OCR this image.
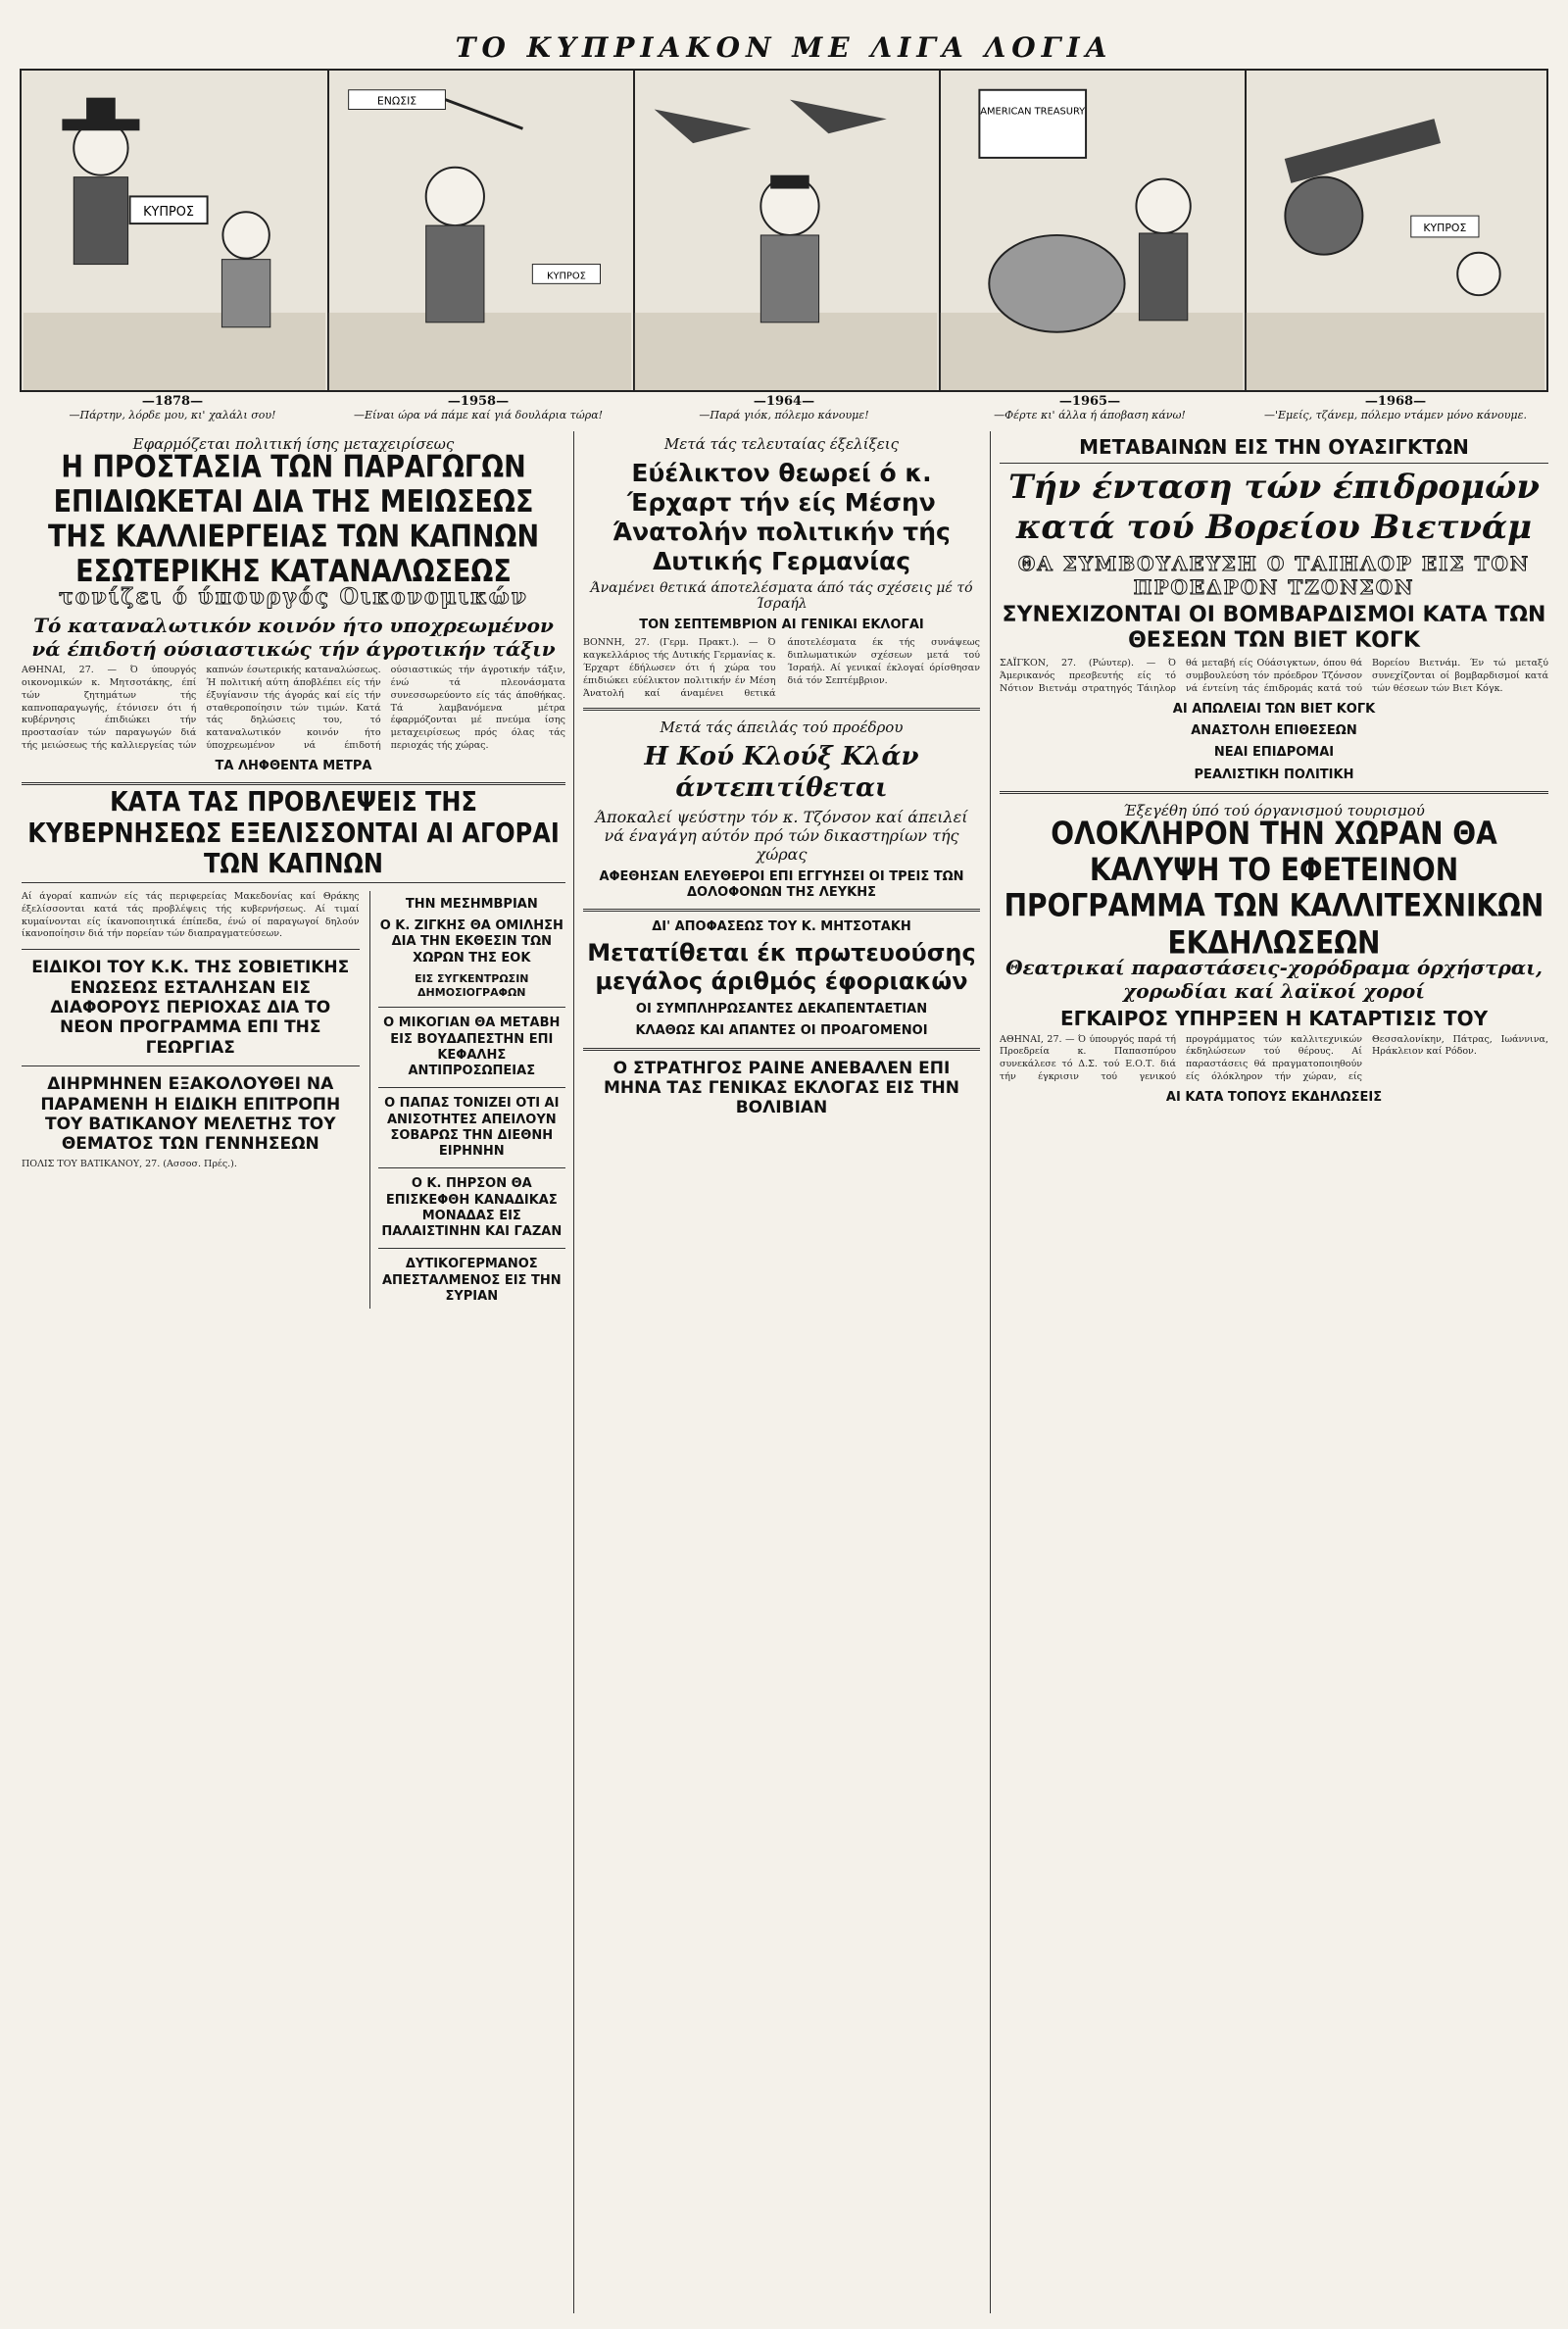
ΤΟ ΚΥΠΡΙΑΚΟΝ ΜΕ ΛΙΓΑ ΛΟΓΙΑ
ΚΥΠΡΟΣ
ΕΝΩΣΙΣ
ΚΥΠΡΟΣ
AMERICAN TREASURY
ΚΥΠΡΟΣ
—1878—
—Πάρτην, λόρδε μου, κι' χαλάλι σου!
—1958—
—Είναι ώρα νά πάμε καί γιά δουλάρια τώρα!
—1964—
—Παρά γιόκ, πόλεμο κάνουμε!
—1965—
—Φέρτε κι' άλλα ή άποβαση κάνω!
—1968—
—'Εμείς, τζάνεμ, πόλεμο ντάμεν μόνο κάνουμε.
Εφαρμόζεται πολιτική ίσης μεταχειρίσεως
Η ΠΡΟΣΤΑΣΙΑ ΤΩΝ ΠΑΡΑΓΩΓΩΝ ΕΠΙΔΙΩΚΕΤΑΙ ΔΙΑ ΤΗΣ ΜΕΙΩΣΕΩΣ ΤΗΣ ΚΑΛΛΙΕΡΓΕΙΑΣ ΤΩΝ ΚΑΠΝΩΝ ΕΣΩΤΕΡΙΚΗΣ ΚΑΤΑΝΑΛΩΣΕΩΣ
τονίζει ό ύπουργός Οικονομικών
Τό καταναλωτικόν κοινόν ήτο υποχρεωμένον νά έπιδοτή ούσιαστικώς τήν άγροτικήν τάξιν
ΑΘΗΝΑΙ, 27. — Ό ύπουργός οικονομικών κ. Μητσοτάκης, έπί τών ζητημάτων τής καπνοπαραγωγής, έτόνισεν ότι ή κυβέρνησις έπιδιώκει τήν προστασίαν τών παραγωγών διά τής μειώσεως τής καλλιεργείας τών καπνών έσωτερικής καταναλώσεως. Ή πολιτική αύτη άποβλέπει είς τήν έξυγίανσιν τής άγοράς καί είς τήν σταθεροποίησιν τών τιμών. Κατά τάς δηλώσεις του, τό καταναλωτικόν κοινόν ήτο ύποχρεωμένον νά έπιδοτή ούσιαστικώς τήν άγροτικήν τάξιν, ένώ τά πλεονάσματα συνεσσωρεύοντο είς τάς άποθήκας. Τά λαμβανόμενα μέτρα έφαρμόζονται μέ πνεύμα ίσης μεταχειρίσεως πρός όλας τάς περιοχάς τής χώρας.
ΤΑ ΛΗΦΘΕΝΤΑ ΜΕΤΡΑ
ΚΑΤΑ ΤΑΣ ΠΡΟΒΛΕΨΕΙΣ ΤΗΣ ΚΥΒΕΡΝΗΣΕΩΣ ΕΞΕΛΙΣΣΟΝΤΑΙ ΑΙ ΑΓΟΡΑΙ ΤΩΝ ΚΑΠΝΩΝ
Αί άγοραί καπνών είς τάς περιφερείας Μακεδονίας καί Θράκης έξελίσσονται κατά τάς προβλέψεις τής κυβερνήσεως. Αί τιμαί κυμαίνονται είς ίκανοποιητικά έπίπεδα, ένώ οί παραγωγοί δηλούν ίκανοποίησιν διά τήν πορείαν τών διαπραγματεύσεων.
ΕΙΔΙΚΟΙ ΤΟΥ Κ.Κ. ΤΗΣ ΣΟΒΙΕΤΙΚΗΣ ΕΝΩΣΕΩΣ ΕΣΤΑΛΗΣΑΝ ΕΙΣ ΔΙΑΦΟΡΟΥΣ ΠΕΡΙΟΧΑΣ ΔΙΑ ΤΟ ΝΕΟΝ ΠΡΟΓΡΑΜΜΑ ΕΠΙ ΤΗΣ ΓΕΩΡΓΙΑΣ
ΔΙΗΡΜΗΝΕΝ ΕΞΑΚΟΛΟΥΘΕΙ ΝΑ ΠΑΡΑΜΕΝΗ Η ΕΙΔΙΚΗ ΕΠΙΤΡΟΠΗ ΤΟΥ ΒΑΤΙΚΑΝΟΥ ΜΕΛΕΤΗΣ ΤΟΥ ΘΕΜΑΤΟΣ ΤΩΝ ΓΕΝΝΗΣΕΩΝ
ΠΟΛΙΣ ΤΟΥ ΒΑΤΙΚΑΝΟΥ, 27. (Ασσοσ. Πρές.).
ΤΗΝ ΜΕΣΗΜΒΡΙΑΝ
Ο Κ. ΖΙΓΚΗΣ ΘΑ ΟΜΙΛΗΣΗ ΔΙΑ ΤΗΝ ΕΚΘΕΣΙΝ ΤΩΝ ΧΩΡΩΝ ΤΗΣ ΕΟΚ
ΕΙΣ ΣΥΓΚΕΝΤΡΩΣΙΝ ΔΗΜΟΣΙΟΓΡΑΦΩΝ
Ο ΜΙΚΟΓΙΑΝ ΘΑ ΜΕΤΑΒΗ ΕΙΣ ΒΟΥΔΑΠΕΣΤΗΝ ΕΠΙ ΚΕΦΑΛΗΣ ΑΝΤΙΠΡΟΣΩΠΕΙΑΣ
Ο ΠΑΠΑΣ ΤΟΝΙΖΕΙ ΟΤΙ ΑΙ ΑΝΙΣΟΤΗΤΕΣ ΑΠΕΙΛΟΥΝ ΣΟΒΑΡΩΣ ΤΗΝ ΔΙΕΘΝΗ ΕΙΡΗΝΗΝ
Ο Κ. ΠΗΡΣΟΝ ΘΑ ΕΠΙΣΚΕΦΘΗ ΚΑΝΑΔΙΚΑΣ ΜΟΝΑΔΑΣ ΕΙΣ ΠΑΛΑΙΣΤΙΝΗΝ ΚΑΙ ΓΑΖΑΝ
ΔΥΤΙΚΟΓΕΡΜΑΝΟΣ ΑΠΕΣΤΑΛΜΕΝΟΣ ΕΙΣ ΤΗΝ ΣΥΡΙΑΝ
Μετά τάς τελευταίας έξελίξεις
Εύέλικτον θεωρεί ό κ. Έρχαρτ τήν είς Μέσην Άνατολήν πολιτικήν τής Δυτικής Γερμανίας
Άναμένει θετικά άποτελέσματα άπό τάς σχέσεις μέ τό Ίσραήλ
ΤΟΝ ΣΕΠΤΕΜΒΡΙΟΝ ΑΙ ΓΕΝΙΚΑΙ ΕΚΛΟΓΑΙ
ΒΟΝΝΗ, 27. (Γερμ. Πρακτ.). — Ό καγκελλάριος τής Δυτικής Γερμανίας κ. Έρχαρτ έδήλωσεν ότι ή χώρα του έπιδιώκει εύέλικτον πολιτικήν έν Μέση Άνατολή καί άναμένει θετικά άποτελέσματα έκ τής συνάψεως διπλωματικών σχέσεων μετά τού Ίσραήλ. Αί γενικαί έκλογαί όρίσθησαν διά τόν Σεπτέμβριον.
Μετά τάς άπειλάς τού προέδρου
Η Κού Κλούξ Κλάν άντεπιτίθεται
Άποκαλεί ψεύστην τόν κ. Τζόνσον καί άπειλεί νά έναγάγη αύτόν πρό τών δικαστηρίων τής χώρας
ΑΦΕΘΗΣΑΝ ΕΛΕΥΘΕΡΟΙ ΕΠΙ ΕΓΓΥΗΣΕΙ ΟΙ ΤΡΕΙΣ ΤΩΝ ΔΟΛΟΦΟΝΩΝ ΤΗΣ ΛΕΥΚΗΣ
ΔΙ' ΑΠΟΦΑΣΕΩΣ ΤΟΥ Κ. ΜΗΤΣΟΤΑΚΗ
Μετατίθεται έκ πρωτευούσης μεγάλος άριθμός έφοριακών
ΟΙ ΣΥΜΠΛΗΡΩΣΑΝΤΕΣ ΔΕΚΑΠΕΝΤΑΕΤΙΑΝ
ΚΛΑΘΩΣ ΚΑΙ ΑΠΑΝΤΕΣ ΟΙ ΠΡΟΑΓΟΜΕΝΟΙ
Ο ΣΤΡΑΤΗΓΟΣ ΡΑΙΝΕ ΑΝΕΒΑΛΕΝ ΕΠΙ ΜΗΝΑ ΤΑΣ ΓΕΝΙΚΑΣ ΕΚΛΟΓΑΣ ΕΙΣ ΤΗΝ ΒΟΛΙΒΙΑΝ
ΜΕΤΑΒΑΙΝΩΝ ΕΙΣ ΤΗΝ ΟΥΑΣΙΓΚΤΩΝ
Τήν ένταση τών έπιδρομών κατά τού Βορείου Βιετνάμ
ΘΑ ΣΥΜΒΟΥΛΕΥΣΗ Ο ΤΑΙΗΛΟΡ ΕΙΣ ΤΟΝ ΠΡΟΕΔΡΟΝ ΤΖΟΝΣΟΝ
ΣΥΝΕΧΙΖΟΝΤΑΙ ΟΙ ΒΟΜΒΑΡΔΙΣΜΟΙ ΚΑΤΑ ΤΩΝ ΘΕΣΕΩΝ ΤΩΝ ΒΙΕΤ ΚΟΓΚ
ΣΑΪΓΚΟΝ, 27. (Ρώυτερ). — Ό Άμερικανός πρεσβευτής είς τό Νότιον Βιετνάμ στρατηγός Τάιηλορ θά μεταβή είς Ούάσιγκτων, όπου θά συμβουλεύση τόν πρόεδρον Τζόνσον νά έντείνη τάς έπιδρομάς κατά τού Βορείου Βιετνάμ. Έν τώ μεταξύ συνεχίζονται οί βομβαρδισμοί κατά τών θέσεων τών Βιετ Κόγκ.
ΑΙ ΑΠΩΛΕΙΑΙ ΤΩΝ ΒΙΕΤ ΚΟΓΚ
ΑΝΑΣΤΟΛΗ ΕΠΙΘΕΣΕΩΝ
ΝΕΑΙ ΕΠΙΔΡΟΜΑΙ
ΡΕΑΛΙΣΤΙΚΗ ΠΟΛΙΤΙΚΗ
Έξεγέθη ύπό τού όργανισμού τουρισμού
ΟΛΟΚΛΗΡΟΝ ΤΗΝ ΧΩΡΑΝ ΘΑ ΚΑΛΥΨΗ ΤΟ ΕΦΕΤΕΙΝΟΝ ΠΡΟΓΡΑΜΜΑ ΤΩΝ ΚΑΛΛΙΤΕΧΝΙΚΩΝ ΕΚΔΗΛΩΣΕΩΝ
Θεατρικαί παραστάσεις-χορόδραμα όρχήστραι, χορωδίαι καί λαϊκοί χοροί
ΕΓΚΑΙΡΟΣ ΥΠΗΡΞΕΝ Η ΚΑΤΑΡΤΙΣΙΣ ΤΟΥ
ΑΘΗΝΑΙ, 27. — Ό ύπουργός παρά τή Προεδρεία κ. Παπασπύρου συνεκάλεσε τό Δ.Σ. τού Ε.Ο.Τ. διά τήν έγκρισιν τού γενικού προγράμματος τών καλλιτεχνικών έκδηλώσεων τού θέρους. Αί παραστάσεις θά πραγματοποιηθούν είς όλόκληρον τήν χώραν, είς Θεσσαλονίκην, Πάτρας, Ιωάννινα, Ηράκλειον καί Ρόδον.
ΑΙ ΚΑΤΑ ΤΟΠΟΥΣ ΕΚΔΗΛΩΣΕΙΣ
